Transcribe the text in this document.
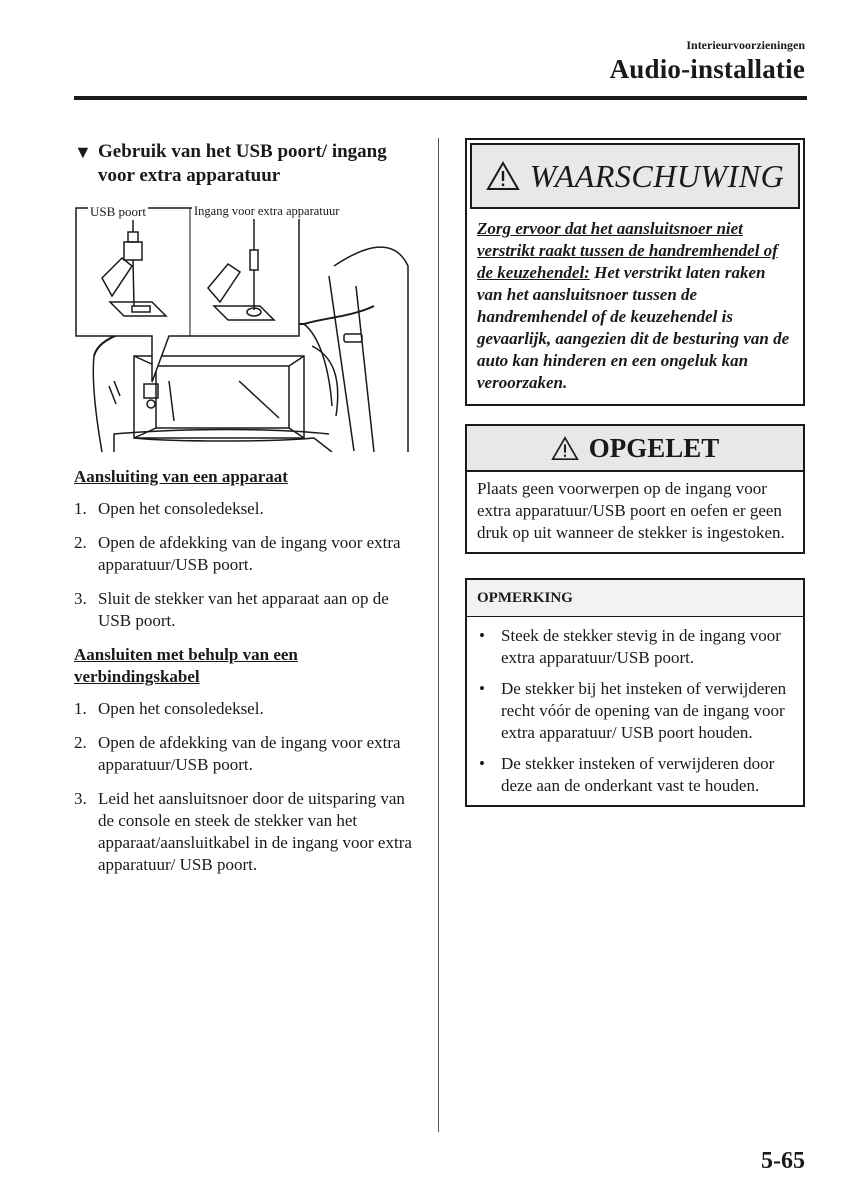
Interieurvoorzieningen
Audio-installatie
▼ Gebruik van het USB poort/ ingang voor extra apparatuur
USB poort	Ingang voor extra apparatuur

Aansluiting van een apparaat

1. Open het consoledeksel.
2. Open de afdekking van de ingang voor extra apparatuur/USB poort.
3. Sluit de stekker van het apparaat aan op de USB poort.

Aansluiten met behulp van een verbindingskabel

1. Open het consoledeksel.
2. Open de afdekking van de ingang voor extra apparatuur/USB poort.
3. Leid het aansluitsnoer door de uitsparing van de console en steek de stekker van het apparaat/aansluitkabel in de ingang voor extra apparatuur/ USB poort.
WAARSCHUWING
Zorg ervoor dat het aansluitsnoer niet verstrikt raakt tussen de handremhendel of de keuzehendel: Het verstrikt laten raken van het aansluitsnoer tussen de handremhendel of de keuzehendel is gevaarlijk, aangezien dit de besturing van de auto kan hinderen en een ongeluk kan veroorzaken.
OPGELET
Plaats geen voorwerpen op de ingang voor extra apparatuur/USB poort en oefen er geen druk op uit wanneer de stekker is ingestoken.
OPMERKING
• Steek de stekker stevig in de ingang voor extra apparatuur/USB poort.
• De stekker bij het insteken of verwijderen recht vóór de opening van de ingang voor extra apparatuur/ USB poort houden.
• De stekker insteken of verwijderen door deze aan de onderkant vast te houden.
5-65
